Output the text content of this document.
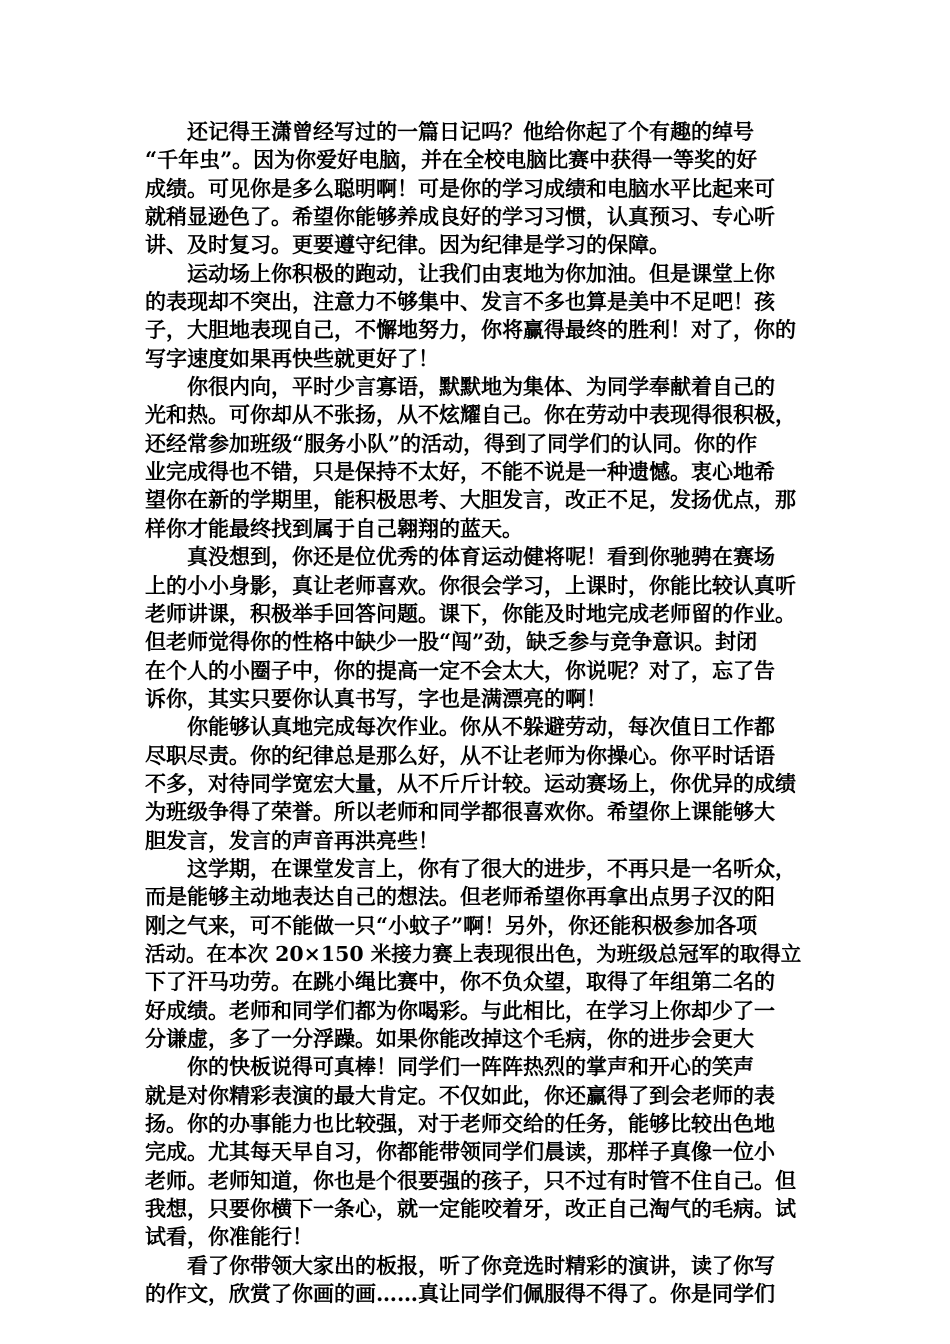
还记得王潇曾经写过的一篇日记吗？他给你起了个有趣的绰号
“千年虫”。因为你爱好电脑，并在全校电脑比赛中获得一等奖的好
成绩。可见你是多么聪明啊！可是你的学习成绩和电脑水平比起来可
就稍显逊色了。希望你能够养成良好的学习习惯，认真预习、专心听
讲、及时复习。更要遵守纪律。因为纪律是学习的保障。
运动场上你积极的跑动，让我们由衷地为你加油。但是课堂上你
的表现却不突出，注意力不够集中、发言不多也算是美中不足吧！孩
子，大胆地表现自己，不懈地努力，你将赢得最终的胜利！对了，你的
写字速度如果再快些就更好了！
你很内向，平时少言寡语，默默地为集体、为同学奉献着自己的
光和热。可你却从不张扬，从不炫耀自己。你在劳动中表现得很积极，
还经常参加班级“服务小队”的活动，得到了同学们的认同。你的作
业完成得也不错，只是保持不太好，不能不说是一种遗憾。衷心地希
望你在新的学期里，能积极思考、大胆发言，改正不足，发扬优点，那
样你才能最终找到属于自己翱翔的蓝天。
真没想到，你还是位优秀的体育运动健将呢！看到你驰骋在赛场
上的小小身影，真让老师喜欢。你很会学习，上课时，你能比较认真听
老师讲课，积极举手回答问题。课下，你能及时地完成老师留的作业。
但老师觉得你的性格中缺少一股“闯”劲，缺乏参与竞争意识。封闭
在个人的小圈子中，你的提高一定不会太大，你说呢？对了，忘了告
诉你，其实只要你认真书写，字也是满漂亮的啊！
你能够认真地完成每次作业。你从不躲避劳动，每次值日工作都
尽职尽责。你的纪律总是那么好，从不让老师为你操心。你平时话语
不多，对待同学宽宏大量，从不斤斤计较。运动赛场上，你优异的成绩
为班级争得了荣誉。所以老师和同学都很喜欢你。希望你上课能够大
胆发言，发言的声音再洪亮些！
这学期，在课堂发言上，你有了很大的进步，不再只是一名听众，
而是能够主动地表达自己的想法。但老师希望你再拿出点男子汉的阳
刚之气来，可不能做一只“小蚊子”啊！另外，你还能积极参加各项
活动。在本次 20×150 米接力赛上表现很出色，为班级总冠军的取得立
下了汗马功劳。在跳小绳比赛中，你不负众望，取得了年组第二名的
好成绩。老师和同学们都为你喝彩。与此相比，在学习上你却少了一
分谦虚，多了一分浮躁。如果你能改掉这个毛病，你的进步会更大
你的快板说得可真棒！同学们一阵阵热烈的掌声和开心的笑声
就是对你精彩表演的最大肯定。不仅如此，你还赢得了到会老师的表
扬。你的办事能力也比较强，对于老师交给的任务，能够比较出色地
完成。尤其每天早自习，你都能带领同学们晨读，那样子真像一位小
老师。老师知道，你也是个很要强的孩子，只不过有时管不住自己。但
我想，只要你横下一条心，就一定能咬着牙，改正自己淘气的毛病。试
试看，你准能行！
看了你带领大家出的板报，听了你竞选时精彩的演讲，读了你写
的作文，欣赏了你画的画……真让同学们佩服得不得了。你是同学们
